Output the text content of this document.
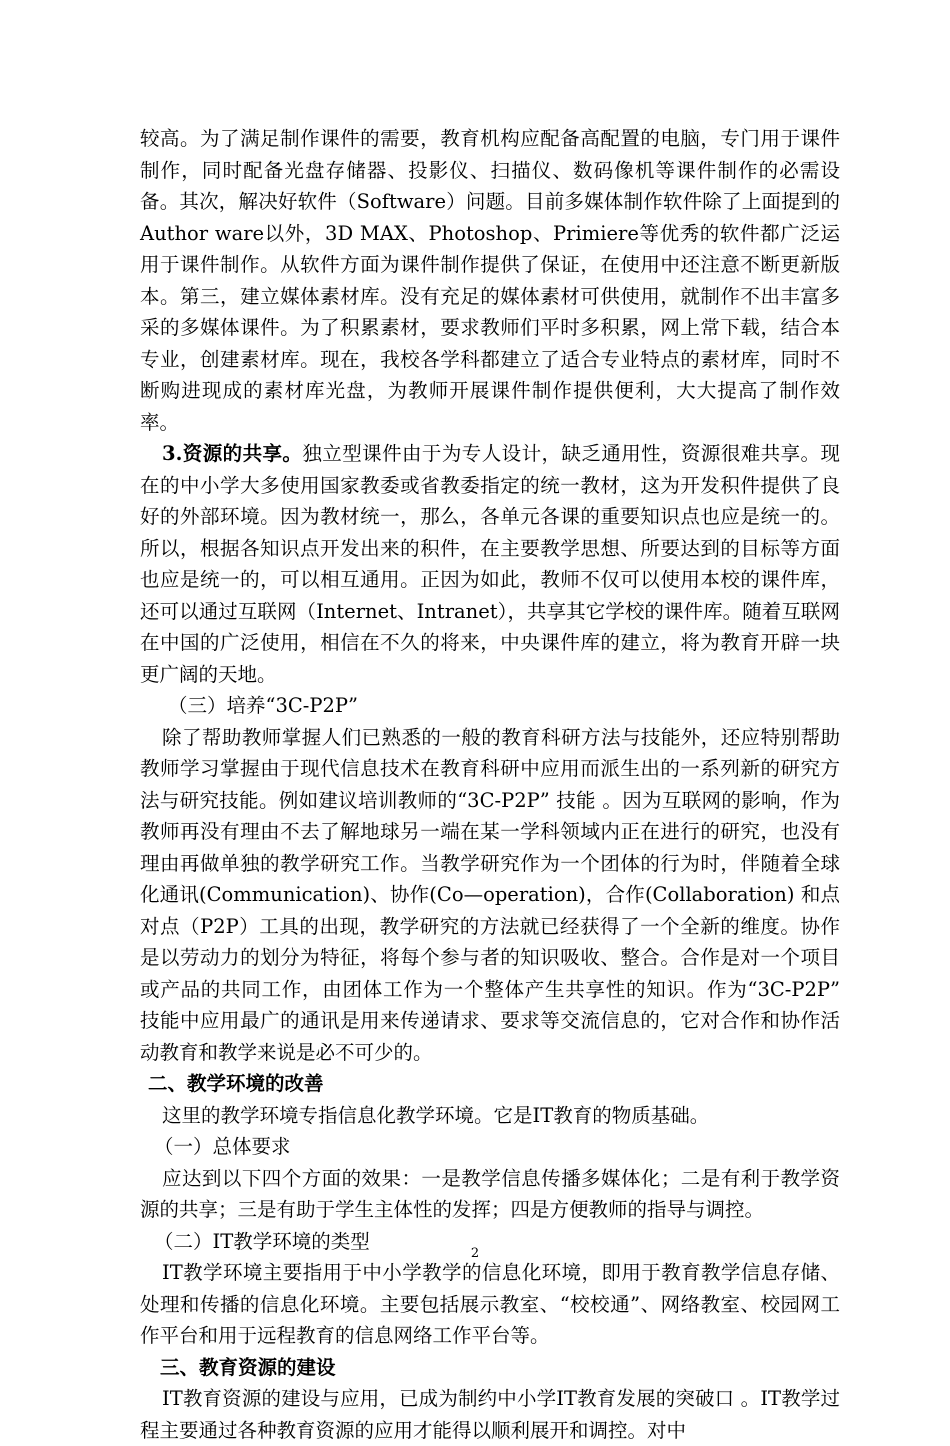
较高。为了满足制作课件的需要，教育机构应配备高配置的电脑，专门用于课件制作，同时配备光盘存储器、投影仪、扫描仪、数码像机等课件制作的必需设备。其次，解决好软件（Software）问题。目前多媒体制作软件除了上面提到的Author ware以外，3D MAX、Photoshop、Primiere等优秀的软件都广泛运用于课件制作。从软件方面为课件制作提供了保证，在使用中还注意不断更新版本。第三，建立媒体素材库。没有充足的媒体素材可供使用，就制作不出丰富多采的多媒体课件。为了积累素材，要求教师们平时多积累，网上常下载，结合本专业，创建素材库。现在，我校各学科都建立了适合专业特点的素材库，同时不断购进现成的素材库光盘，为教师开展课件制作提供便利，大大提高了制作效率。

3.资源的共享。独立型课件由于为专人设计，缺乏通用性，资源很难共享。现在的中小学大多使用国家教委或省教委指定的统一教材，这为开发积件提供了良好的外部环境。因为教材统一，那么，各单元各课的重要知识点也应是统一的。所以，根据各知识点开发出来的积件，在主要教学思想、所要达到的目标等方面也应是统一的，可以相互通用。正因为如此，教师不仅可以使用本校的课件库，还可以通过互联网（Internet、Intranet），共享其它学校的课件库。随着互联网在中国的广泛使用，相信在不久的将来，中央课件库的建立，将为教育开辟一块更广阔的天地。

（三）培养“3C-P2P”

除了帮助教师掌握人们已熟悉的一般的教育科研方法与技能外，还应特别帮助教师学习掌握由于现代信息技术在教育科研中应用而派生出的一系列新的研究方法与研究技能。例如建议培训教师的“3C-P2P” 技能 。因为互联网的影响，作为教师再没有理由不去了解地球另一端在某一学科领域内正在进行的研究，也没有理由再做单独的教学研究工作。当教学研究作为一个团体的行为时，伴随着全球化通讯(Communication)、协作(Co—operation)，合作(Collaboration) 和点对点（P2P）工具的出现，教学研究的方法就已经获得了一个全新的维度。协作是以劳动力的划分为特征，将每个参与者的知识吸收、整合。合作是对一个项目或产品的共同工作，由团体工作为一个整体产生共享性的知识。作为“3C-P2P” 技能中应用最广的通讯是用来传递请求、要求等交流信息的，它对合作和协作活动教育和教学来说是必不可少的。

二、教学环境的改善

这里的教学环境专指信息化教学环境。它是IT教育的物质基础。

（一）总体要求

应达到以下四个方面的效果：一是教学信息传播多媒体化；二是有利于教学资源的共享；三是有助于学生主体性的发挥；四是方便教师的指导与调控。

（二）IT教学环境的类型

IT教学环境主要指用于中小学教学的信息化环境，即用于教育教学信息存储、处理和传播的信息化环境。主要包括展示教室、“校校通”、网络教室、校园网工作平台和用于远程教育的信息网络工作平台等。

三、教育资源的建设

IT教育资源的建设与应用，已成为制约中小学IT教育发展的突破口 。IT教学过程主要通过各种教育资源的应用才能得以顺利展开和调控。对中

2
